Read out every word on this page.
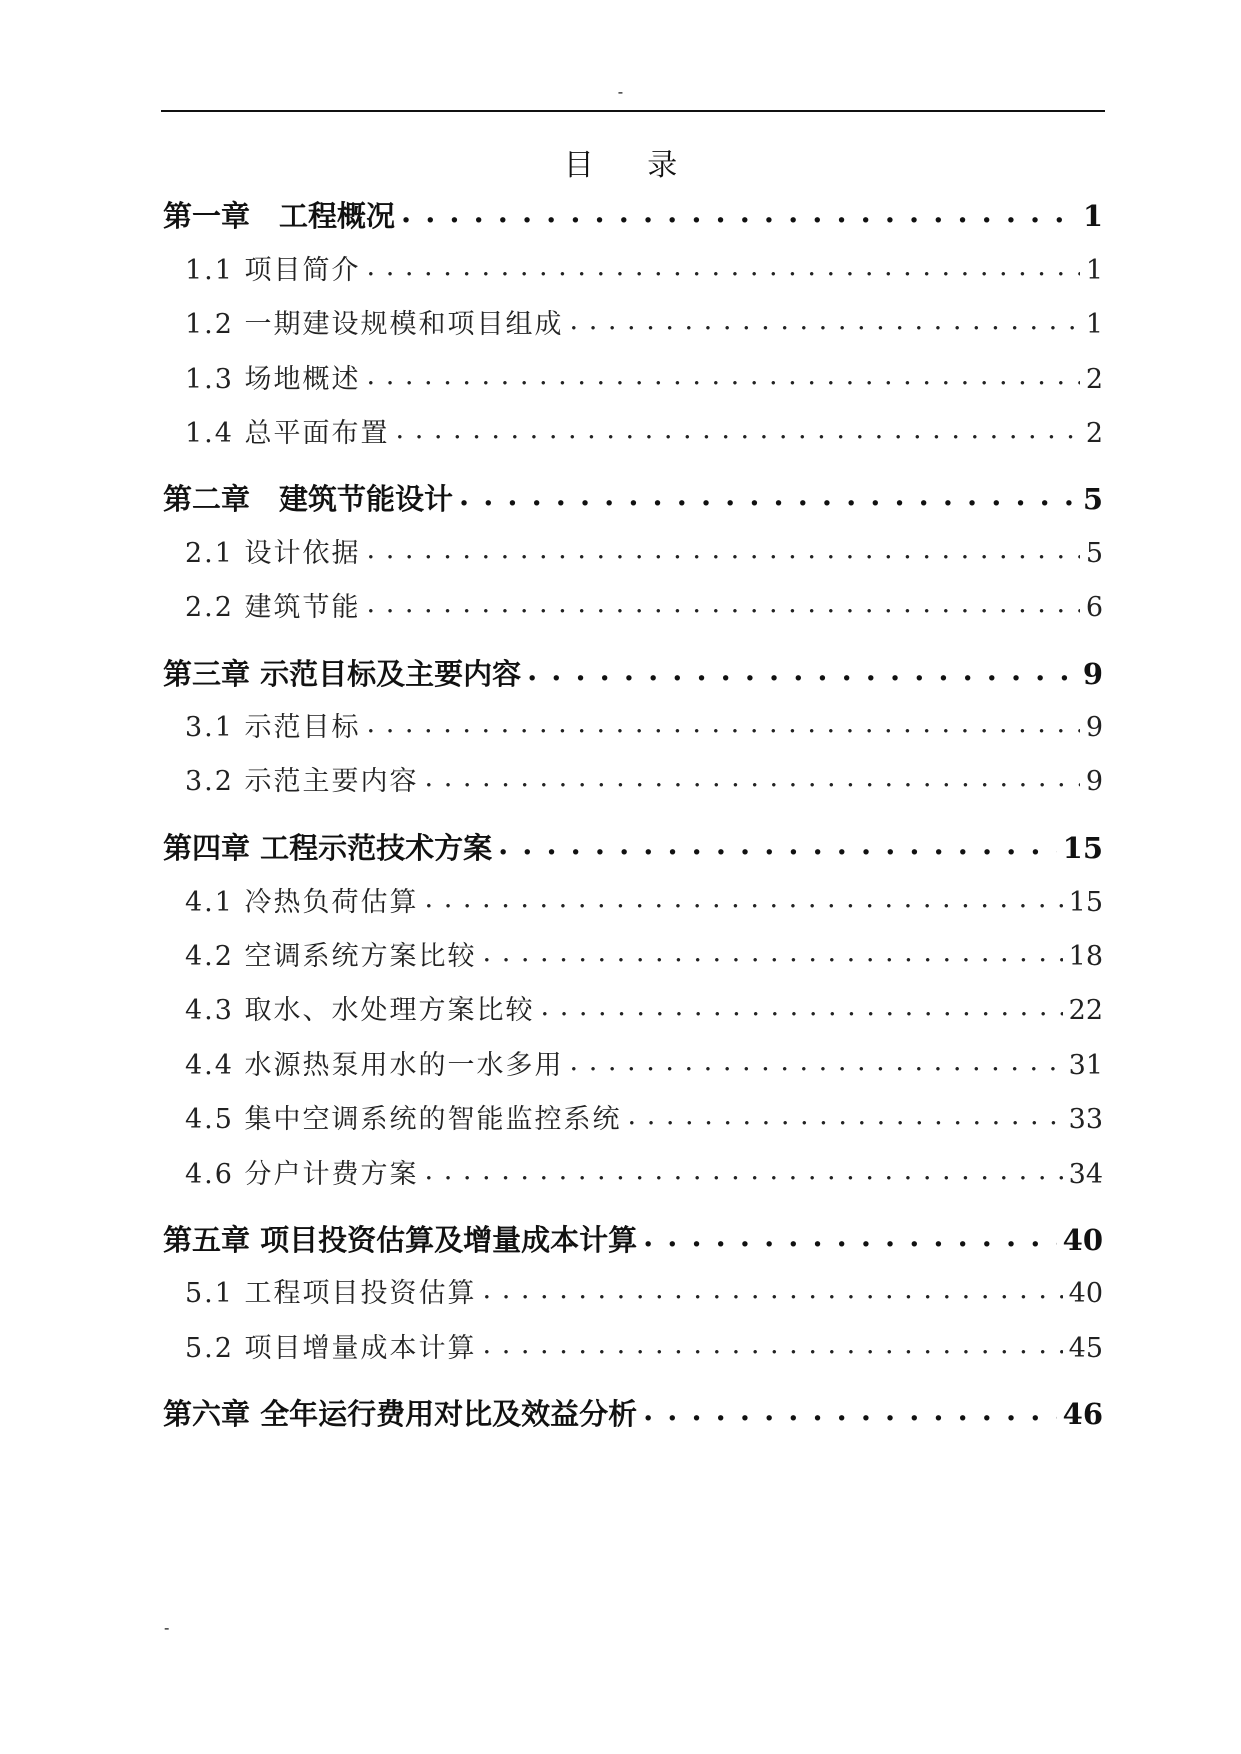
-
目 录
第一章　工程概况 . . .	1
1.1 项目简介 . . .	1
1.2 一期建设规模和项目组成 . . .	1
1.3 场地概述 . . .	2
1.4 总平面布置 . . .	2
第二章　建筑节能设计 . . .	5
2.1 设计依据 . . .	5
2.2 建筑节能 . . .	6
第三章 示范目标及主要内容 . . .	9
3.1 示范目标 . . .	9
3.2 示范主要内容 . . .	9
第四章 工程示范技术方案 . . .	15
4.1 冷热负荷估算 . . .	15
4.2 空调系统方案比较 . . .	18
4.3 取水、水处理方案比较 . . .	22
4.4 水源热泵用水的一水多用 . . .	31
4.5 集中空调系统的智能监控系统 . . .	33
4.6 分户计费方案 . . .	34
第五章 项目投资估算及增量成本计算 . . .	40
5.1 工程项目投资估算 . . .	40
5.2 项目增量成本计算 . . .	45
第六章 全年运行费用对比及效益分析 . . .	46
-
